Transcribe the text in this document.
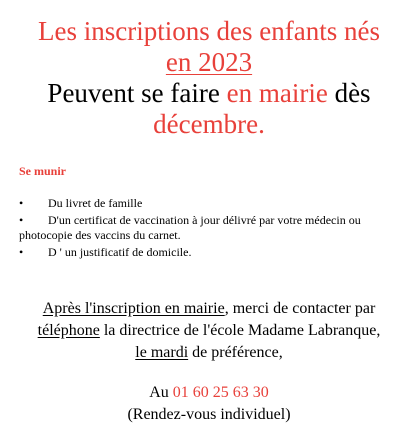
Les inscriptions des enfants nés
en 2023
Peuvent se faire en mairie dès
décembre.

Se munir

• Du livret de famille
• D'un certificat de vaccination à jour délivré par votre médecin ou photocopie des vaccins du carnet.
• D ' un justificatif de domicile.
Après l'inscription en mairie, merci de contacter par
téléphone la directrice de l'école Madame Labranque,
le mardi de préférence,
Au 01 60 25 63 30
(Rendez-vous individuel)
